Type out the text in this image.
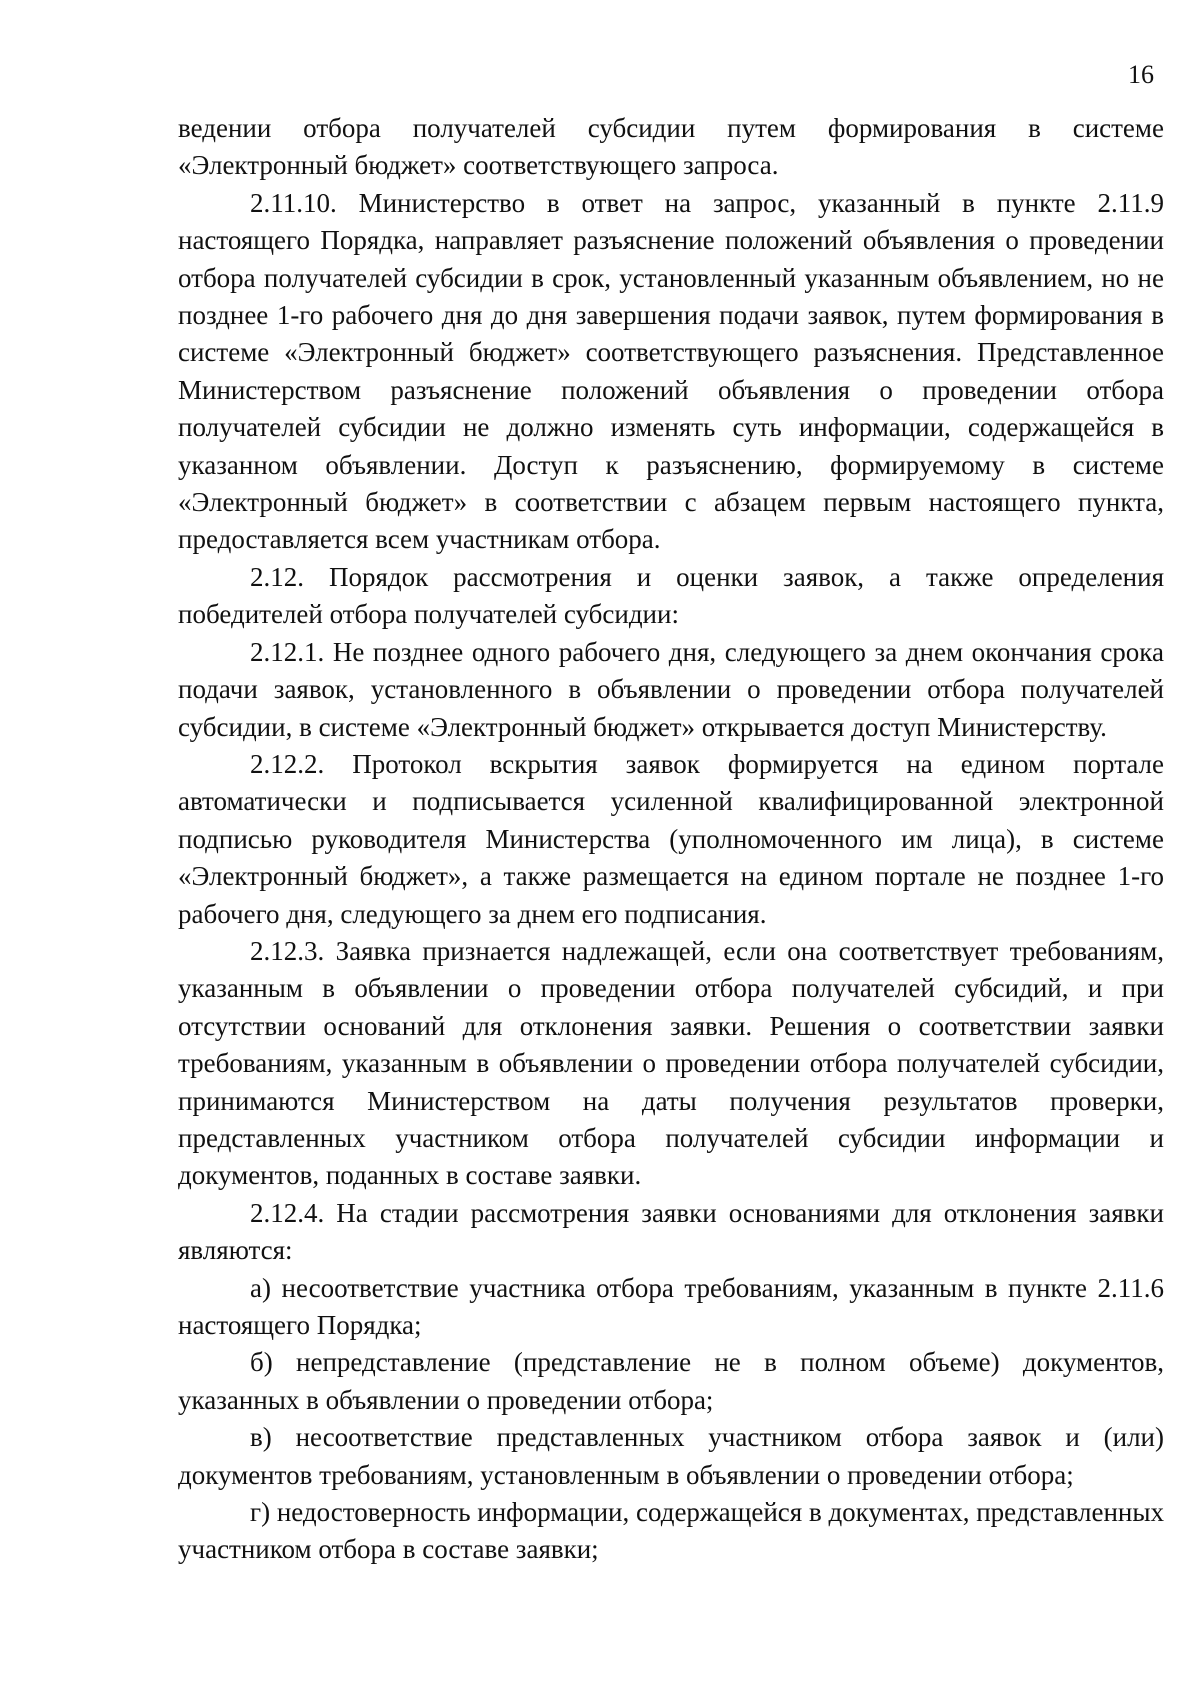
16

ведении отбора получателей субсидии путем формирования в системе «Электронный бюджет» соответствующего запроса.

2.11.10. Министерство в ответ на запрос, указанный в пункте 2.11.9 настоящего Порядка, направляет разъяснение положений объявления о проведении отбора получателей субсидии в срок, установленный указанным объявлением, но не позднее 1-го рабочего дня до дня завершения подачи заявок, путем формирования в системе «Электронный бюджет» соответствующего разъяснения. Представленное Министерством разъяснение положений объявления о проведении отбора получателей субсидии не должно изменять суть информации, содержащейся в указанном объявлении. Доступ к разъяснению, формируемому в системе «Электронный бюджет» в соответствии с абзацем первым настоящего пункта, предоставляется всем участникам отбора.

2.12. Порядок рассмотрения и оценки заявок, а также определения победителей отбора получателей субсидии:

2.12.1. Не позднее одного рабочего дня, следующего за днем окончания срока подачи заявок, установленного в объявлении о проведении отбора получателей субсидии, в системе «Электронный бюджет» открывается доступ Министерству.

2.12.2. Протокол вскрытия заявок формируется на едином портале автоматически и подписывается усиленной квалифицированной электронной подписью руководителя Министерства (уполномоченного им лица), в системе «Электронный бюджет», а также размещается на едином портале не позднее 1-го рабочего дня, следующего за днем его подписания.

2.12.3. Заявка признается надлежащей, если она соответствует требованиям, указанным в объявлении о проведении отбора получателей субсидий, и при отсутствии оснований для отклонения заявки. Решения о соответствии заявки требованиям, указанным в объявлении о проведении отбора получателей субсидии, принимаются Министерством на даты получения результатов проверки, представленных участником отбора получателей субсидии информации и документов, поданных в составе заявки.

2.12.4. На стадии рассмотрения заявки основаниями для отклонения заявки являются:

а) несоответствие участника отбора требованиям, указанным в пункте 2.11.6 настоящего Порядка;

б) непредставление (представление не в полном объеме) документов, указанных в объявлении о проведении отбора;

в) несоответствие представленных участником отбора заявок и (или) документов требованиям, установленным в объявлении о проведении отбора;

г) недостоверность информации, содержащейся в документах, представленных участником отбора в составе заявки;
